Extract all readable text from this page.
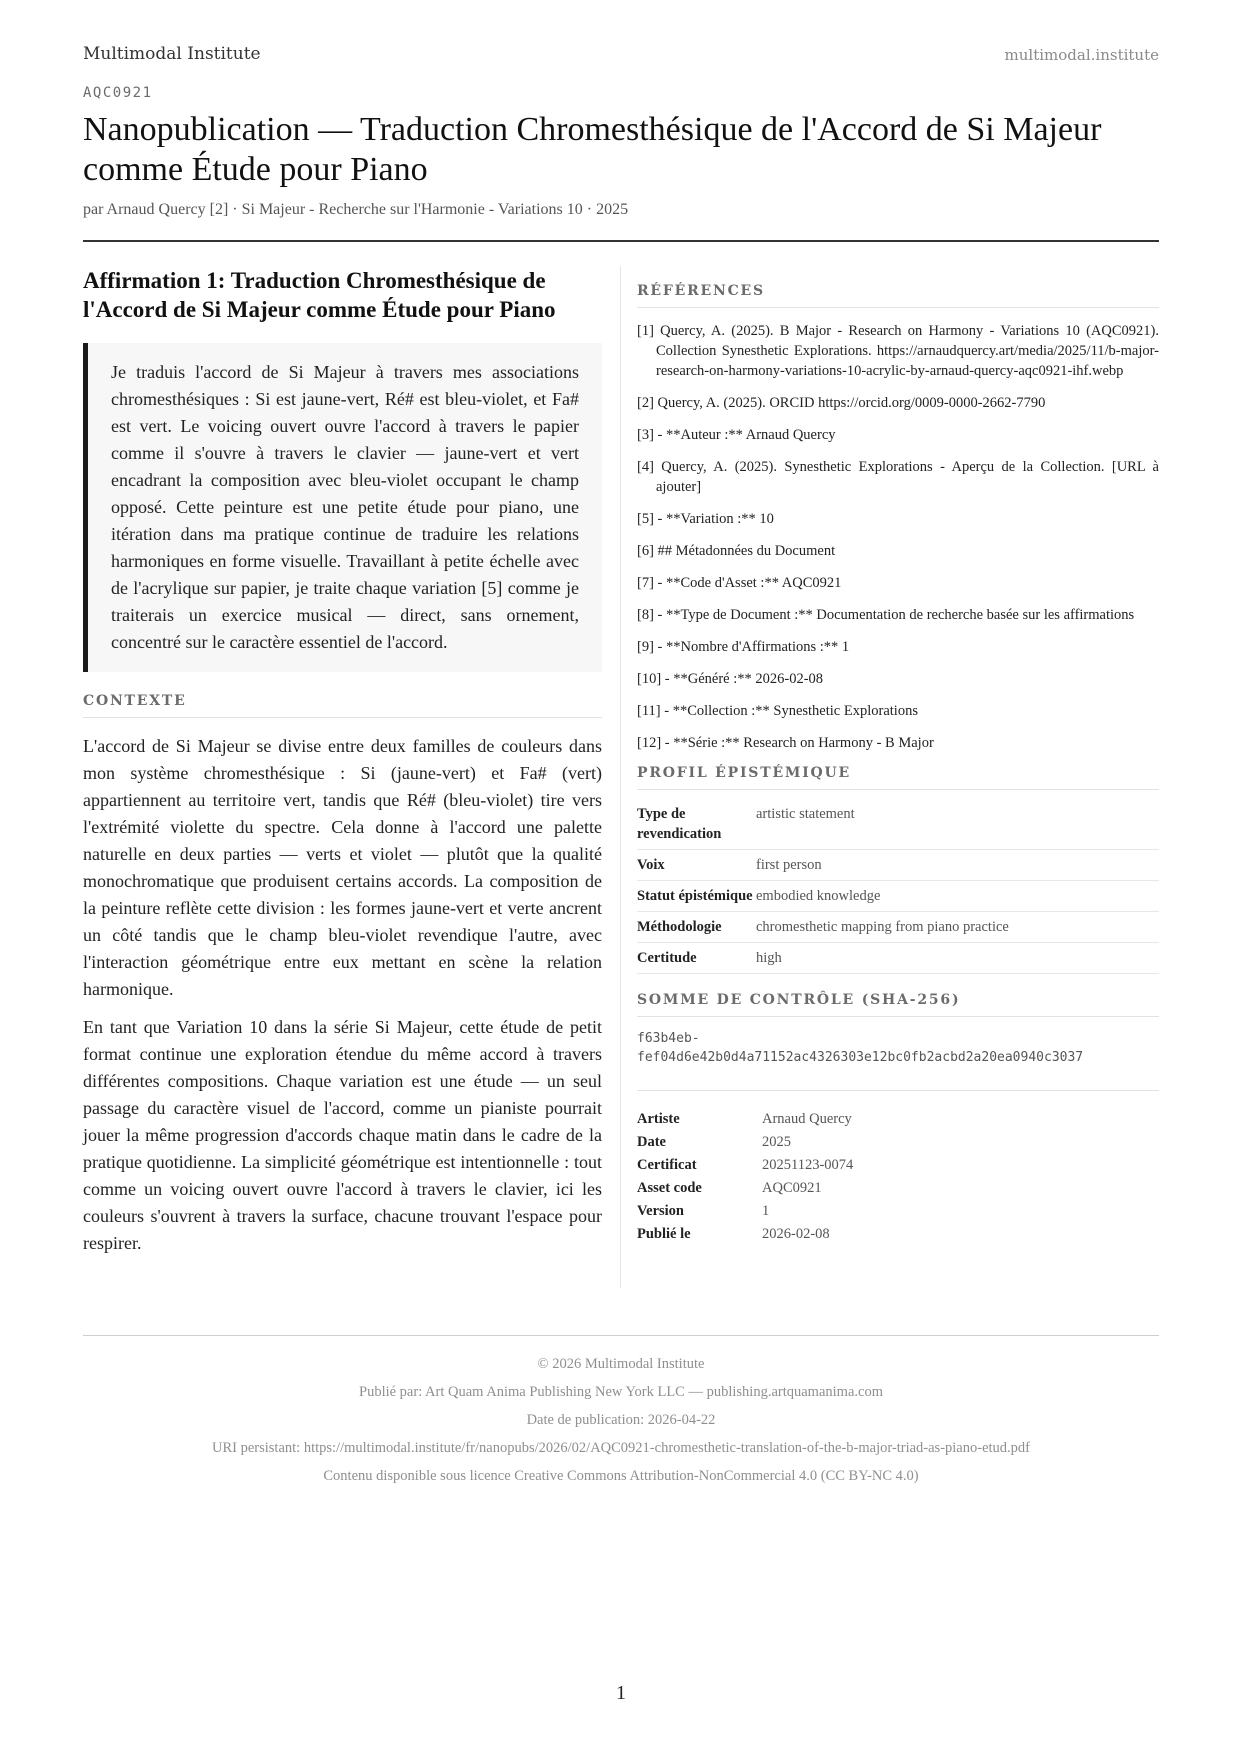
Multimodal Institute	multimodal.institute
AQC0921
Nanopublication — Traduction Chromesthésique de l'Accord de Si Majeur comme Étude pour Piano
par Arnaud Quercy [2] · Si Majeur - Recherche sur l'Harmonie - Variations 10 · 2025
Affirmation 1: Traduction Chromesthésique de l'Accord de Si Majeur comme Étude pour Piano
Je traduis l'accord de Si Majeur à travers mes associations chromesthésiques : Si est jaune-vert, Ré# est bleu-violet, et Fa# est vert. Le voicing ouvert ouvre l'accord à travers le papier comme il s'ouvre à travers le clavier — jaune-vert et vert encadrant la composition avec bleu-violet occupant le champ opposé. Cette peinture est une petite étude pour piano, une itération dans ma pratique continue de traduire les relations harmoniques en forme visuelle. Travaillant à petite échelle avec de l'acrylique sur papier, je traite chaque variation [5] comme je traiterais un exercice musical — direct, sans ornement, concentré sur le caractère essentiel de l'accord.
CONTEXTE

L'accord de Si Majeur se divise entre deux familles de couleurs dans mon système chromesthésique : Si (jaune-vert) et Fa# (vert) appartiennent au territoire vert, tandis que Ré# (bleu-violet) tire vers l'extrémité violette du spectre. Cela donne à l'accord une palette naturelle en deux parties — verts et violet — plutôt que la qualité monochromatique que produisent certains accords. La composition de la peinture reflète cette division : les formes jaune-vert et verte ancrent un côté tandis que le champ bleu-violet revendique l'autre, avec l'interaction géométrique entre eux mettant en scène la relation harmonique.

En tant que Variation 10 dans la série Si Majeur, cette étude de petit format continue une exploration étendue du même accord à travers différentes compositions. Chaque variation est une étude — un seul passage du caractère visuel de l'accord, comme un pianiste pourrait jouer la même progression d'accords chaque matin dans le cadre de la pratique quotidienne. La simplicité géométrique est intentionnelle : tout comme un voicing ouvert ouvre l'accord à travers le clavier, ici les couleurs s'ouvrent à travers la surface, chacune trouvant l'espace pour respirer.

RÉFÉRENCES
[1] Quercy, A. (2025). B Major - Research on Harmony - Variations 10 (AQC0921). Collection Synesthetic Explorations. https://arnaudquercy.art/media/2025/11/b-major-research-on-harmony-variations-10-acrylic-by-arnaud-quercy-aqc0921-ihf.webp
[2] Quercy, A. (2025). ORCID https://orcid.org/0009-0000-2662-7790
[3] - **Auteur :** Arnaud Quercy
[4] Quercy, A. (2025). Synesthetic Explorations - Aperçu de la Collection. [URL à ajouter]
[5] - **Variation :** 10
[6] ## Métadonnées du Document
[7] - **Code d'Asset :** AQC0921
[8] - **Type de Document :** Documentation de recherche basée sur les affirmations
[9] - **Nombre d'Affirmations :** 1
[10] - **Généré :** 2026-02-08
[11] - **Collection :** Synesthetic Explorations
[12] - **Série :** Research on Harmony - B Major
PROFIL ÉPISTÉMIQUE
Type de revendication	artistic statement
Voix	first person
Statut épistémique	embodied knowledge
Méthodologie	chromesthetic mapping from piano practice
Certitude	high
SOMME DE CONTRÔLE (SHA-256)
f63b4eb-
fef04d6e42b0d4a71152ac4326303e12bc0fb2acbd2a20ea0940c3037
Artiste	Arnaud Quercy
Date	2025
Certificat	20251123-0074
Asset code	AQC0921
Version	1
Publié le	2026-02-08
© 2026 Multimodal Institute
Publié par: Art Quam Anima Publishing New York LLC — publishing.artquamanima.com
Date de publication: 2026-04-22
URI persistant: https://multimodal.institute/fr/nanopubs/2026/02/AQC0921-chromesthetic-translation-of-the-b-major-triad-as-piano-etud.pdf
Contenu disponible sous licence Creative Commons Attribution-NonCommercial 4.0 (CC BY-NC 4.0)
1
